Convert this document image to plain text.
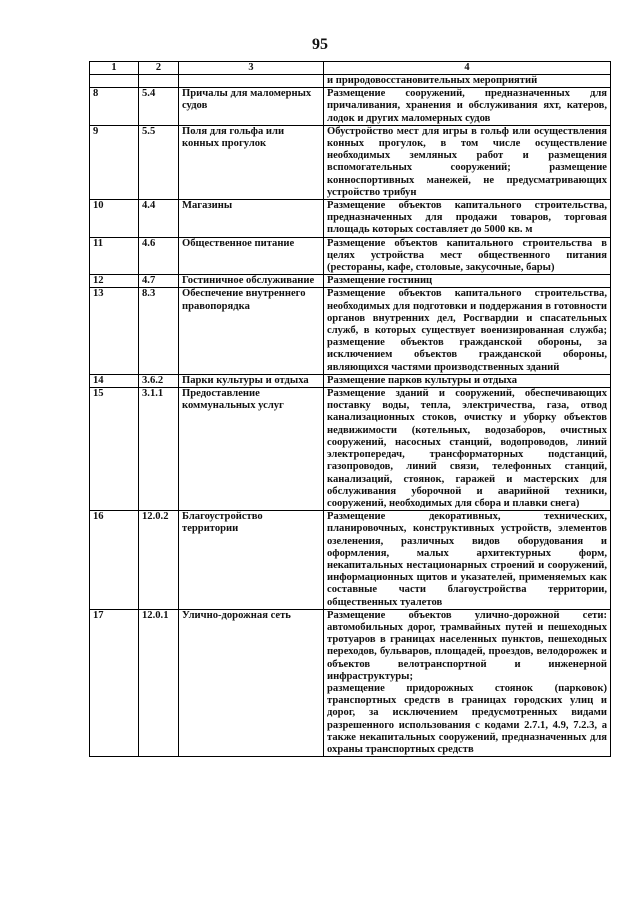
95
1	2	3	4
			и природовосстановительных мероприятий
8	5.4	Причалы для маломерных судов	Размещение сооружений, предназначенных для причаливания, хранения и обслуживания яхт, катеров, лодок и других маломерных судов
9	5.5	Поля для гольфа или конных прогулок	Обустройство мест для игры в гольф или осуществления конных прогулок, в том числе осуществление необходимых земляных работ и размещения вспомогательных сооружений; размещение конноспортивных манежей, не предусматривающих устройство трибун
10	4.4	Магазины	Размещение объектов капитального строительства, предназначенных для продажи товаров, торговая площадь которых составляет до 5000 кв. м
11	4.6	Общественное питание	Размещение объектов капитального строительства в целях устройства мест общественного питания (рестораны, кафе, столовые, закусочные, бары)
12	4.7	Гостиничное обслуживание	Размещение гостиниц
13	8.3	Обеспечение внутреннего правопорядка	Размещение объектов капитального строительства, необходимых для подготовки и поддержания в готовности органов внутренних дел, Росгвардии и спасательных служб, в которых существует военизированная служба; размещение объектов гражданской обороны, за исключением объектов гражданской обороны, являющихся частями производственных зданий
14	3.6.2	Парки культуры и отдыха	Размещение парков культуры и отдыха
15	3.1.1	Предоставление коммунальных услуг	Размещение зданий и сооружений, обеспечивающих поставку воды, тепла, электричества, газа, отвод канализационных стоков, очистку и уборку объектов недвижимости (котельных, водозаборов, очистных сооружений, насосных станций, водопроводов, линий электропередач, трансформаторных подстанций, газопроводов, линий связи, телефонных станций, канализаций, стоянок, гаражей и мастерских для обслуживания уборочной и аварийной техники, сооружений, необходимых для сбора и плавки снега)
16	12.0.2	Благоустройство территории	Размещение декоративных, технических, планировочных, конструктивных устройств, элементов озеленения, различных видов оборудования и оформления, малых архитектурных форм, некапитальных нестационарных строений и сооружений, информационных щитов и указателей, применяемых как составные части благоустройства территории, общественных туалетов
17	12.0.1	Улично-дорожная сеть	Размещение объектов улично-дорожной сети: автомобильных дорог, трамвайных путей и пешеходных тротуаров в границах населенных пунктов, пешеходных переходов, бульваров, площадей, проездов, велодорожек и объектов велотранспортной и инженерной инфраструктуры;
размещение придорожных стоянок (парковок) транспортных средств в границах городских улиц и дорог, за исключением предусмотренных видами разрешенного использования с кодами 2.7.1, 4.9, 7.2.3, а также некапитальных сооружений, предназначенных для охраны транспортных средств
